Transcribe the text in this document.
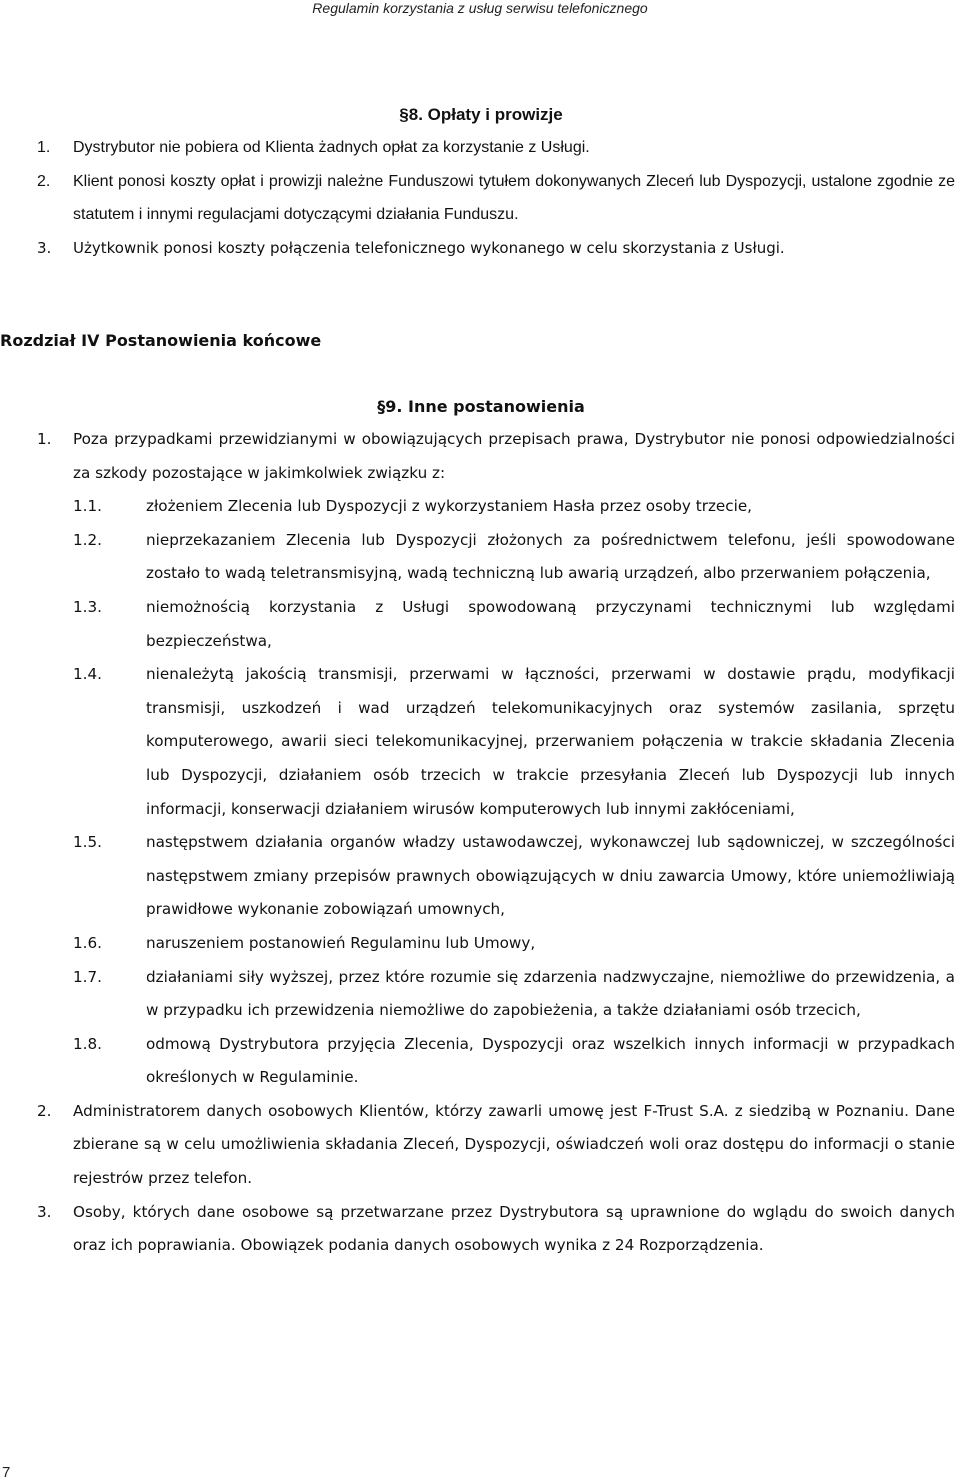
Regulamin korzystania z usług serwisu telefonicznego
§8. Opłaty i prowizje
1.	Dystrybutor nie pobiera od Klienta żadnych opłat za korzystanie z Usługi.
2.	Klient ponosi koszty opłat i prowizji należne Funduszowi tytułem dokonywanych Zleceń lub Dyspozycji, ustalone zgodnie ze statutem i innymi regulacjami dotyczącymi działania Funduszu.
3.	Użytkownik ponosi koszty połączenia telefonicznego wykonanego w celu skorzystania z Usługi.
Rozdział IV Postanowienia końcowe
§9. Inne postanowienia
1.	Poza przypadkami przewidzianymi w obowiązujących przepisach prawa, Dystrybutor nie ponosi odpowiedzialności za szkody pozostające w jakimkolwiek związku z:
1.1.	złożeniem Zlecenia lub Dyspozycji z wykorzystaniem Hasła przez osoby trzecie,
1.2.	nieprzekazaniem Zlecenia lub Dyspozycji złożonych za pośrednictwem telefonu, jeśli spowodowane zostało to wadą teletransmisyjną, wadą techniczną lub awarią urządzeń, albo przerwaniem połączenia,
1.3.	niemożnością korzystania z Usługi spowodowaną przyczynami technicznymi lub względami bezpieczeństwa,
1.4.	nienależytą jakością transmisji, przerwami w łączności, przerwami w dostawie prądu, modyfikacji transmisji, uszkodzeń i wad urządzeń telekomunikacyjnych oraz systemów zasilania, sprzętu komputerowego, awarii sieci telekomunikacyjnej, przerwaniem połączenia w trakcie składania Zlecenia lub Dyspozycji, działaniem osób trzecich w trakcie przesyłania Zleceń lub Dyspozycji lub innych informacji, konserwacji działaniem wirusów komputerowych lub innymi zakłóceniami,
1.5.	następstwem działania organów władzy ustawodawczej, wykonawczej lub sądowniczej, w szczególności następstwem zmiany przepisów prawnych obowiązujących w dniu zawarcia Umowy, które uniemożliwiają prawidłowe wykonanie zobowiązań umownych,
1.6.	naruszeniem postanowień Regulaminu lub Umowy,
1.7.	działaniami siły wyższej, przez które rozumie się zdarzenia nadzwyczajne, niemożliwe do przewidzenia, a w przypadku ich przewidzenia niemożliwe do zapobieżenia, a także działaniami osób trzecich,
1.8.	odmową Dystrybutora przyjęcia Zlecenia, Dyspozycji oraz wszelkich innych informacji w przypadkach określonych w Regulaminie.
2.	Administratorem danych osobowych Klientów, którzy zawarli umowę jest F-Trust S.A. z siedzibą w Poznaniu. Dane zbierane są w celu umożliwienia składania Zleceń, Dyspozycji, oświadczeń woli oraz dostępu do informacji o stanie rejestrów przez telefon.
3.	Osoby, których dane osobowe są przetwarzane przez Dystrybutora są uprawnione do wglądu do swoich danych oraz ich poprawiania. Obowiązek podania danych osobowych wynika z 24 Rozporządzenia.
7
